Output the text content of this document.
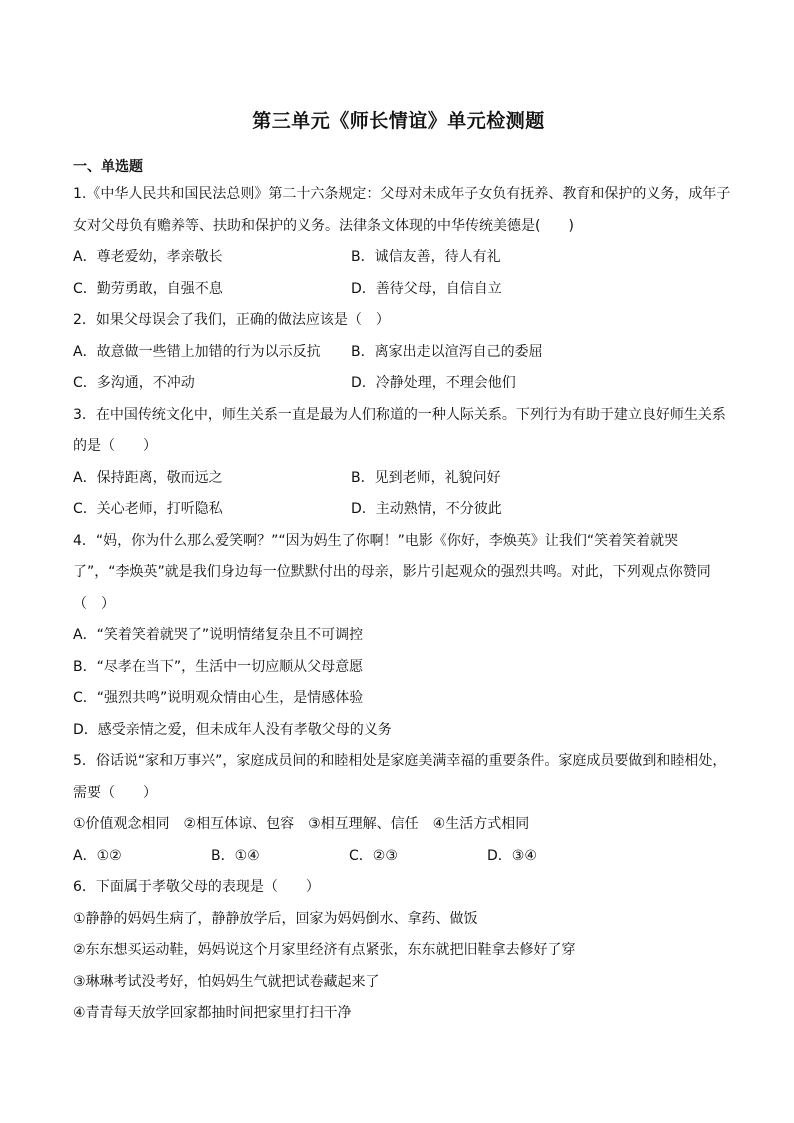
第三单元《师长情谊》单元检测题
一、单选题
1.《中华人民共和国民法总则》第二十六条规定：父母对未成年子女负有抚养、教育和保护的义务，成年子
女对父母负有赡养等、扶助和保护的义务。法律条文体现的中华传统美德是(　　)
A．尊老爱幼，孝亲敬长	B．诚信友善，待人有礼
C．勤劳勇敢，自强不息	D．善待父母，自信自立
2．如果父母误会了我们，正确的做法应该是（　）
A．故意做一些错上加错的行为以示反抗	B．离家出走以渲泻自己的委屈
C．多沟通，不冲动	D．冷静处理，不理会他们
3．在中国传统文化中，师生关系一直是最为人们称道的一种人际关系。下列行为有助于建立良好师生关系
的是（　　）
A．保持距离，敬而远之	B．见到老师，礼貌问好
C．关心老师，打听隐私	D．主动熟情，不分彼此
4．“妈，你为什么那么爱笑啊？”“因为妈生了你啊！”电影《你好，李焕英》让我们“笑着笑着就哭
了”，“李焕英”就是我们身边每一位默默付出的母亲，影片引起观众的强烈共鸣。对此，下列观点你赞同
（　）
A．“笑着笑着就哭了”说明情绪复杂且不可调控
B．“尽孝在当下”，生活中一切应顺从父母意愿
C．“强烈共鸣”说明观众情由心生，是情感体验
D．感受亲情之爱，但未成年人没有孝敬父母的义务
5．俗话说“家和万事兴”，家庭成员间的和睦相处是家庭美满幸福的重要条件。家庭成员要做到和睦相处，
需要（　　）
①价值观念相同　②相互体谅、包容　③相互理解、信任　④生活方式相同
A．①②	B．①④	C．②③	D．③④
6．下面属于孝敬父母的表现是（　　）
①静静的妈妈生病了，静静放学后，回家为妈妈倒水、拿药、做饭
②东东想买运动鞋，妈妈说这个月家里经济有点紧张，东东就把旧鞋拿去修好了穿
③琳琳考试没考好，怕妈妈生气就把试卷藏起来了
④青青每天放学回家都抽时间把家里打扫干净
